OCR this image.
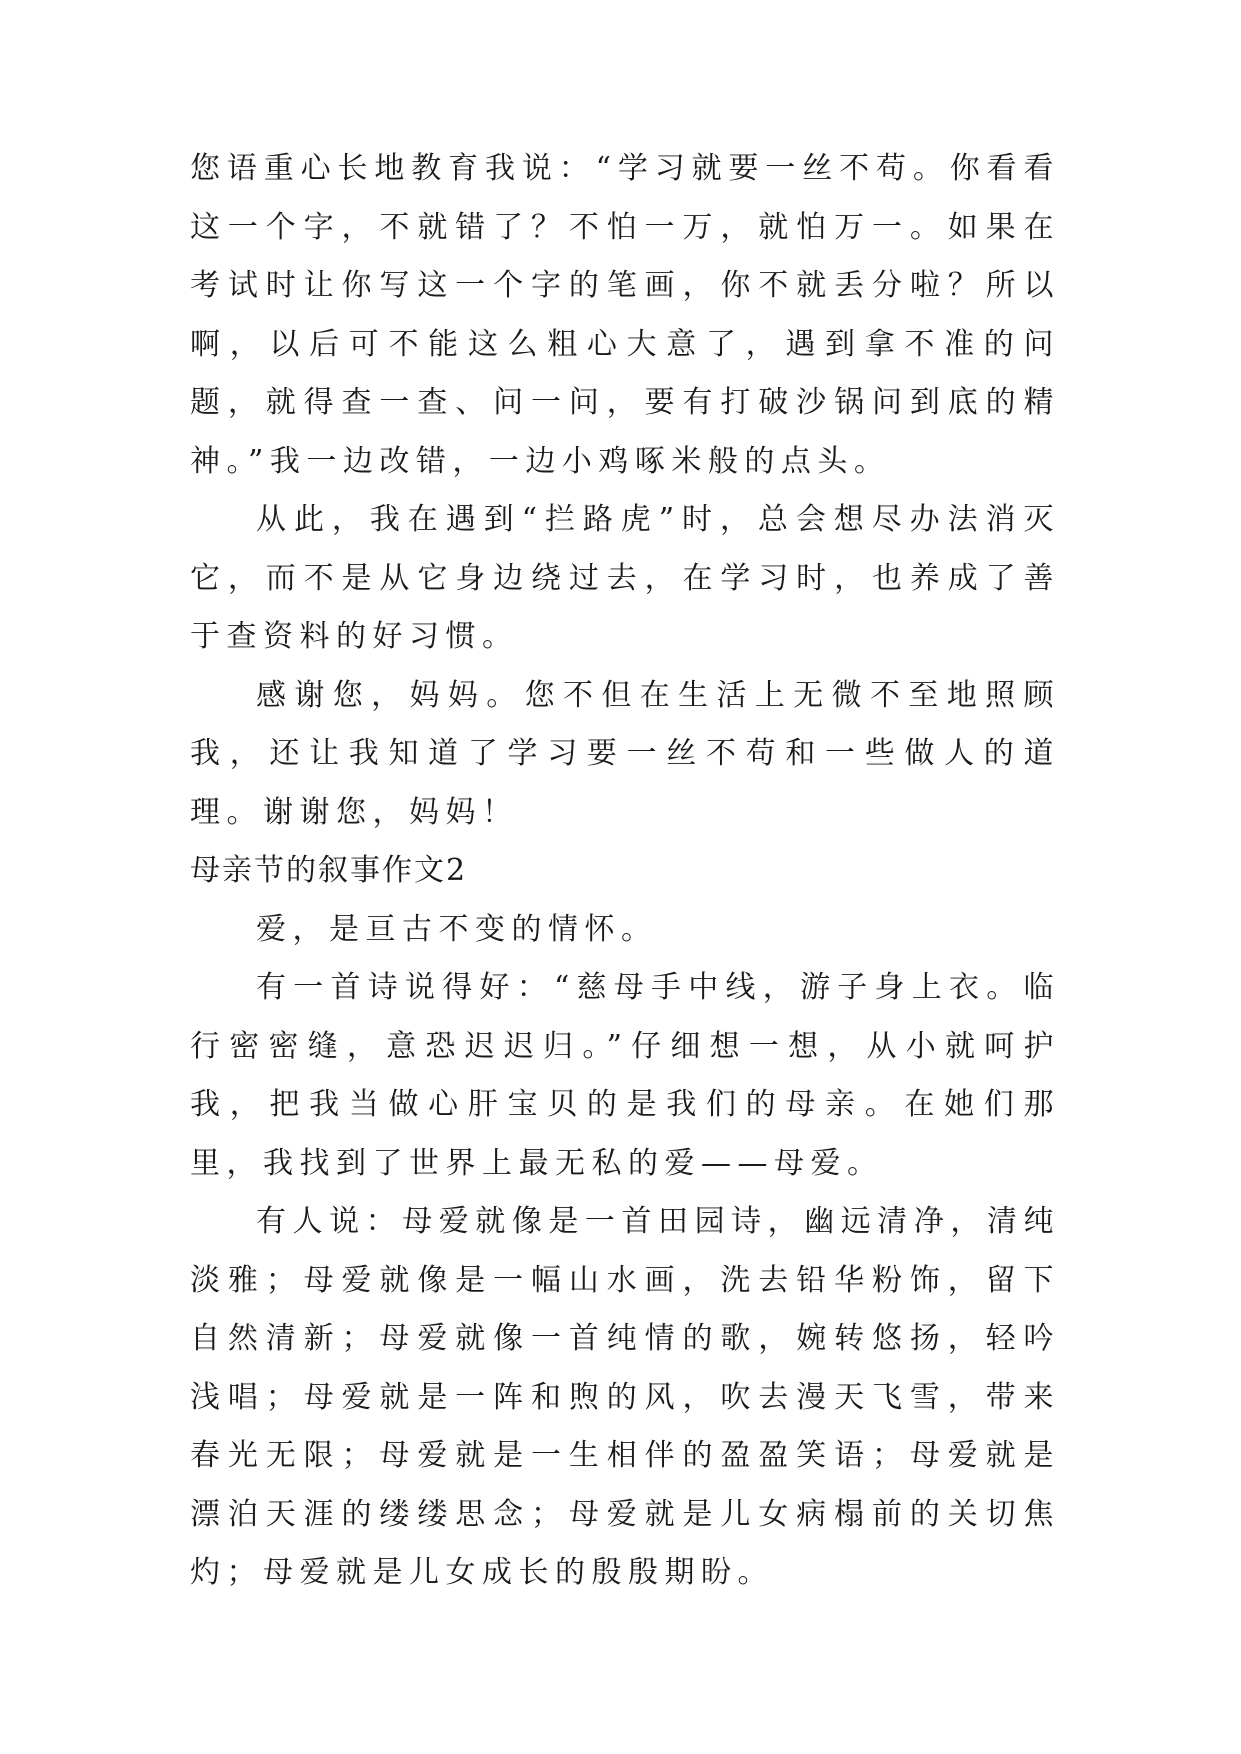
您语重心长地教育我说：“学习就要一丝不苟。你看看这一个字，不就错了？不怕一万，就怕万一。如果在考试时让你写这一个字的笔画，你不就丢分啦？所以啊，以后可不能这么粗心大意了，遇到拿不准的问题，就得查一查、问一问，要有打破沙锅问到底的精神。”我一边改错，一边小鸡啄米般的点头。

从此，我在遇到“拦路虎”时，总会想尽办法消灭它，而不是从它身边绕过去，在学习时，也养成了善于查资料的好习惯。

感谢您，妈妈。您不但在生活上无微不至地照顾我，还让我知道了学习要一丝不苟和一些做人的道理。谢谢您，妈妈！

母亲节的叙事作文2

爱，是亘古不变的情怀。

有一首诗说得好：“慈母手中线，游子身上衣。临行密密缝，意恐迟迟归。”仔细想一想，从小就呵护我，把我当做心肝宝贝的是我们的母亲。在她们那里，我找到了世界上最无私的爱——母爱。

有人说：母爱就像是一首田园诗，幽远清净，清纯淡雅；母爱就像是一幅山水画，洗去铅华粉饰，留下自然清新；母爱就像一首纯情的歌，婉转悠扬，轻吟浅唱；母爱就是一阵和煦的风，吹去漫天飞雪，带来春光无限；母爱就是一生相伴的盈盈笑语；母爱就是漂泊天涯的缕缕思念；母爱就是儿女病榻前的关切焦灼；母爱就是儿女成长的殷殷期盼。
